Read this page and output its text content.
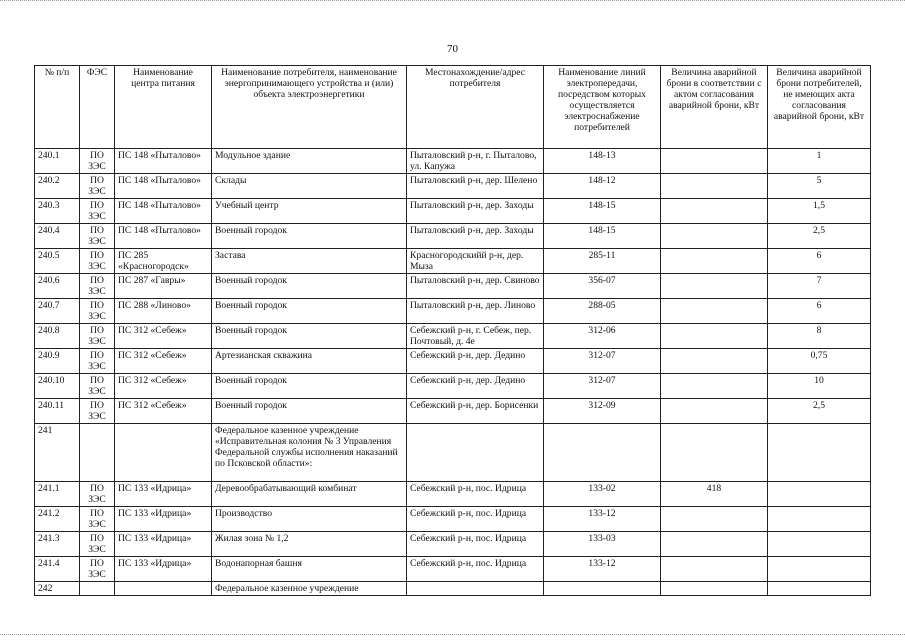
70
№ п/п	ФЭС	Наименование центра питания	Наименование потребителя, наименование энергопринимающего устройства и (или) объекта электроэнергетики	Местонахождение/адрес потребителя	Наименование линий электропередачи, посредством которых осуществляется электроснабжение потребителей	Величина аварийной брони в соответствии с актом согласования аварийной брони, кВт	Величина аварийной брони потребителей, не имеющих акта согласования аварийной брони, кВт
240.1	ПО ЗЭС	ПС 148 «Пыталово»	Модульное здание	Пыталовский р-н, г. Пыталово, ул. Капужа	148-13		1
240.2	ПО ЗЭС	ПС 148 «Пыталово»	Склады	Пыталовский р-н, дер. Шелено	148-12		5
240.3	ПО ЗЭС	ПС 148 «Пыталово»	Учебный центр	Пыталовский р-н, дер. Заходы	148-15		1,5
240.4	ПО ЗЭС	ПС 148 «Пыталово»	Военный городок	Пыталовский р-н, дер. Заходы	148-15		2,5
240.5	ПО ЗЭС	ПС 285 «Красногородск»	Застава	Красногородскийй р-н, дер. Мыза	285-11		6
240.6	ПО ЗЭС	ПС 287 «Гавры»	Военный городок	Пыталовский р-н, дер. Свиново	356-07		7
240.7	ПО ЗЭС	ПС 288 «Линово»	Военный городок	Пыталовский р-н, дер. Линово	288-05		6
240.8	ПО ЗЭС	ПС 312 «Себеж»	Военный городок	Себежский р-н, г. Себеж, пер. Почтовый, д. 4е	312-06		8
240.9	ПО ЗЭС	ПС 312 «Себеж»	Артезианская скважина	Себежский р-н, дер. Дедино	312-07		0,75
240.10	ПО ЗЭС	ПС 312 «Себеж»	Военный городок	Себежский р-н, дер. Дедино	312-07		10
240.11	ПО ЗЭС	ПС 312 «Себеж»	Военный городок	Себежский р-н, дер. Борисенки	312-09		2,5
241			Федеральное казенное учреждение «Исправительная колония № 3 Управления Федеральной службы исполнения наказаний по Псковской области»:				
241.1	ПО ЗЭС	ПС 133 «Идрица»	Деревообрабатывающий комбинат	Себежский р-н, пос. Идрица	133-02	418	
241.2	ПО ЗЭС	ПС 133 «Идрица»	Производство	Себежский р-н, пос. Идрица	133-12		
241.3	ПО ЗЭС	ПС 133 «Идрица»	Жилая зона № 1,2	Себежский р-н, пос. Идрица	133-03		
241.4	ПО ЗЭС	ПС 133 «Идрица»	Водонапорная башня	Себежский р-н, пос. Идрица	133-12		
242			Федеральное казенное учреждение				
